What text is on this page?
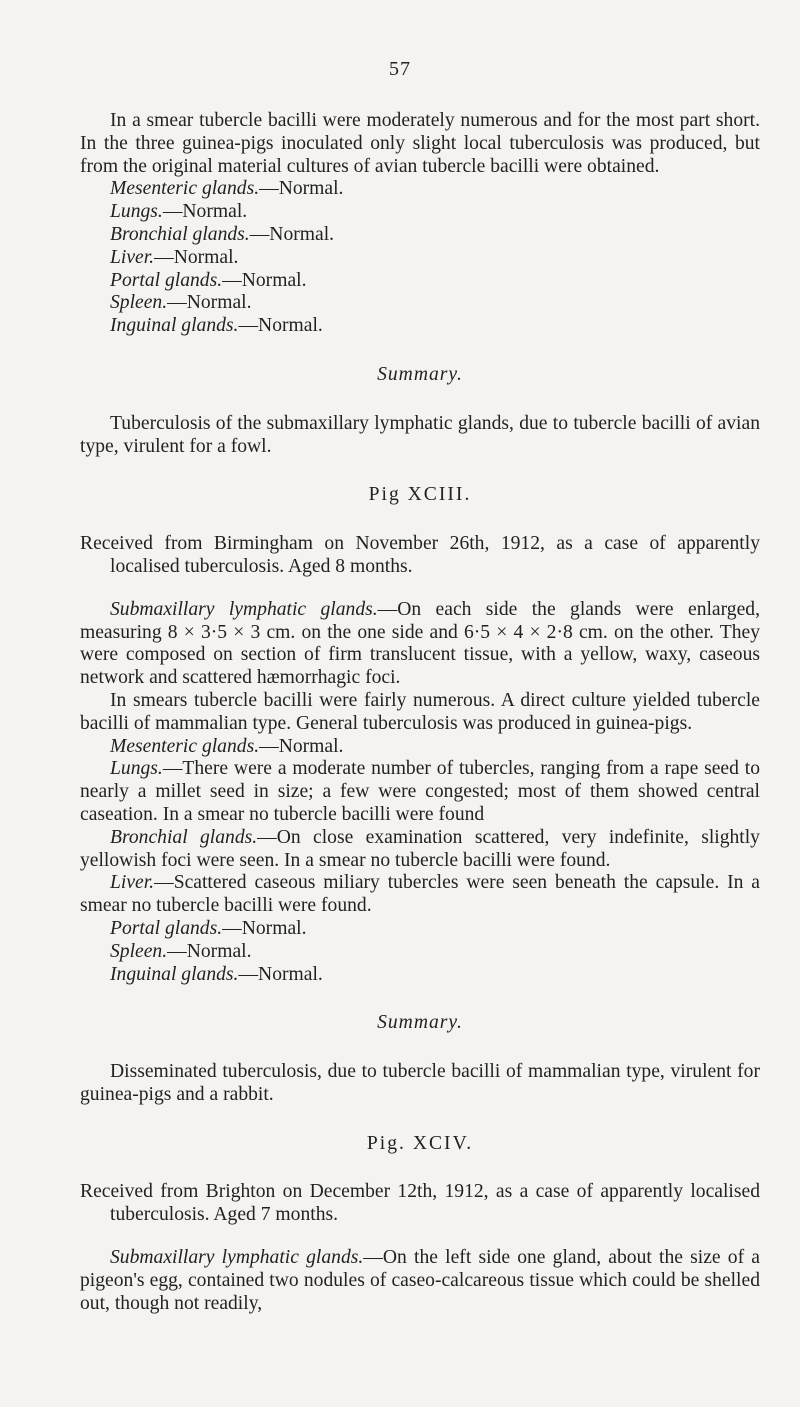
57

In a smear tubercle bacilli were moderately numerous and for the most part short. In the three guinea-pigs inoculated only slight local tuberculosis was produced, but from the original material cultures of avian tubercle bacilli were obtained.

Mesenteric glands.—Normal.

Lungs.—Normal.

Bronchial glands.—Normal.

Liver.—Normal.

Portal glands.—Normal.

Spleen.—Normal.

Inguinal glands.—Normal.

Summary.

Tuberculosis of the submaxillary lymphatic glands, due to tubercle bacilli of avian type, virulent for a fowl.

Pig XCIII.

Received from Birmingham on November 26th, 1912, as a case of apparently localised tuberculosis. Aged 8 months.

Submaxillary lymphatic glands.—On each side the glands were enlarged, measuring 8 × 3·5 × 3 cm. on the one side and 6·5 × 4 × 2·8 cm. on the other. They were composed on section of firm translucent tissue, with a yellow, waxy, caseous network and scattered hæmorrhagic foci.

In smears tubercle bacilli were fairly numerous. A direct culture yielded tubercle bacilli of mammalian type. General tuberculosis was produced in guinea-pigs.

Mesenteric glands.—Normal.

Lungs.—There were a moderate number of tubercles, ranging from a rape seed to nearly a millet seed in size; a few were congested; most of them showed central caseation. In a smear no tubercle bacilli were found

Bronchial glands.—On close examination scattered, very indefinite, slightly yellowish foci were seen. In a smear no tubercle bacilli were found.

Liver.—Scattered caseous miliary tubercles were seen beneath the capsule. In a smear no tubercle bacilli were found.

Portal glands.—Normal.

Spleen.—Normal.

Inguinal glands.—Normal.

Summary.

Disseminated tuberculosis, due to tubercle bacilli of mammalian type, virulent for guinea-pigs and a rabbit.

Pig. XCIV.

Received from Brighton on December 12th, 1912, as a case of apparently localised tuberculosis. Aged 7 months.

Submaxillary lymphatic glands.—On the left side one gland, about the size of a pigeon's egg, contained two nodules of caseo-calcareous tissue which could be shelled out, though not readily,
